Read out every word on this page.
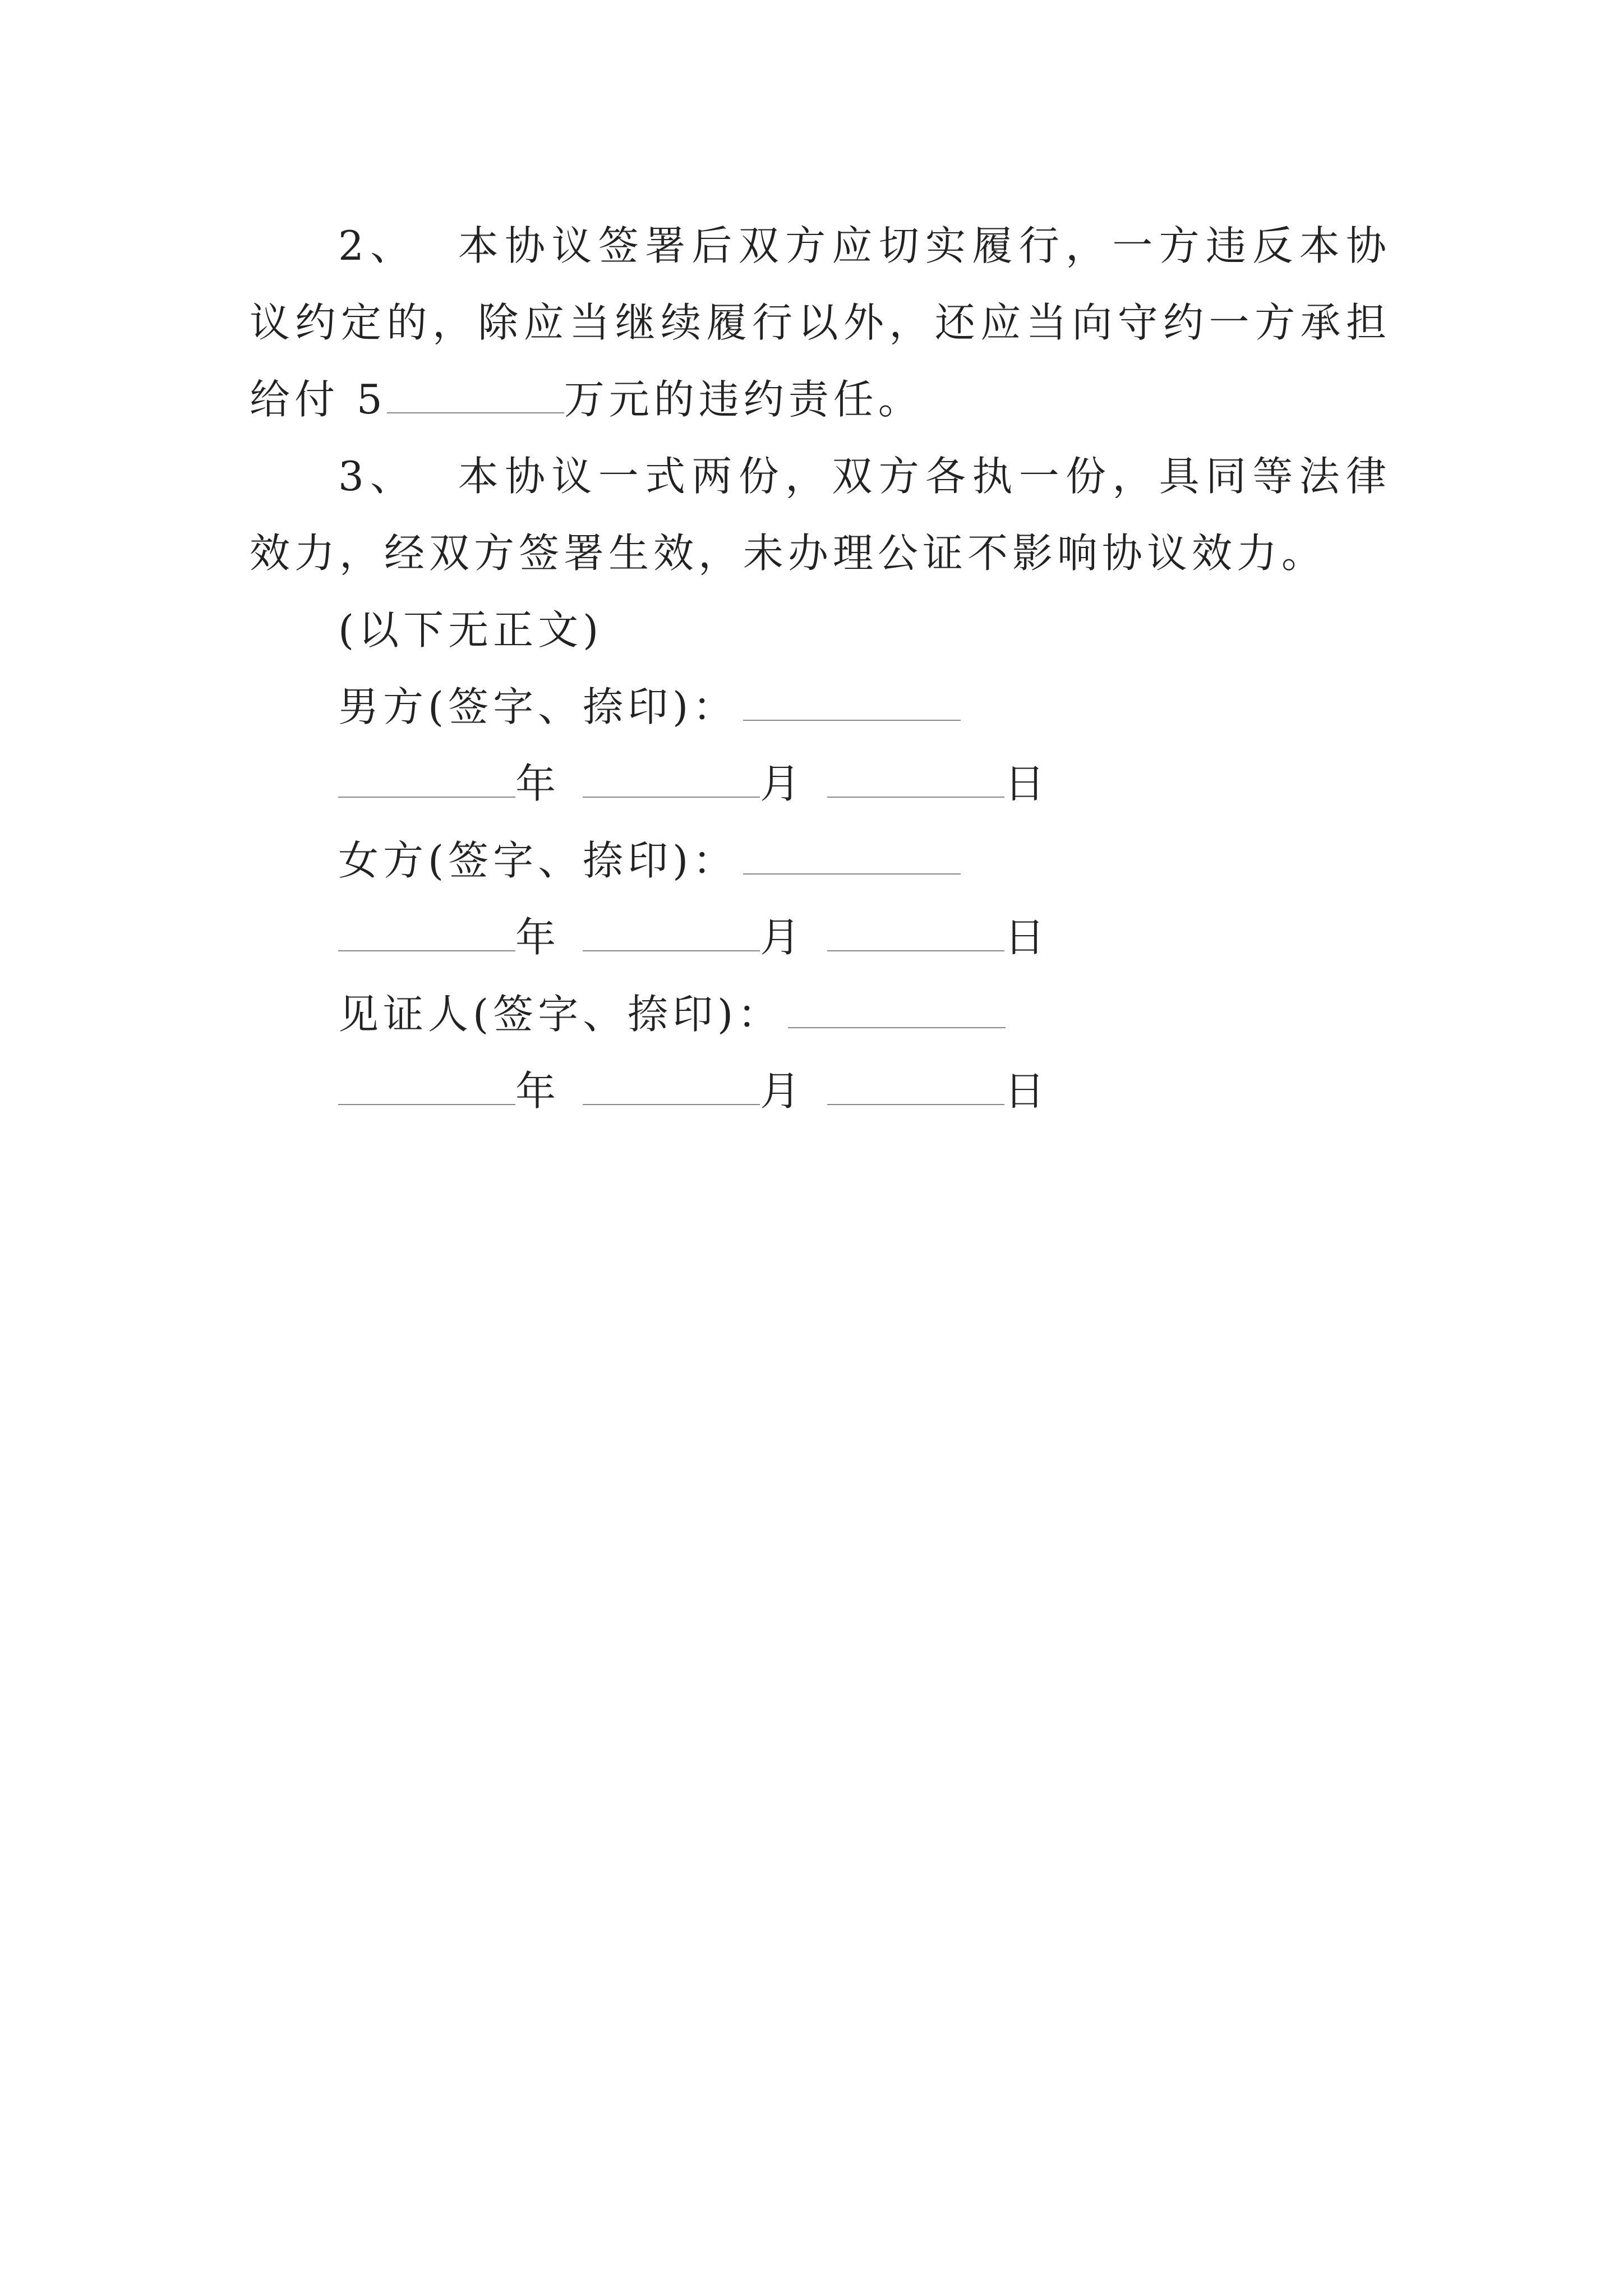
2、 本协议签署后双方应切实履行，一方违反本协议约定的，除应当继续履行以外，还应当向守约一方承担给付 5	万元的违约责任。

3、 本协议一式两份，双方各执一份，具同等法律效力，经双方签署生效，未办理公证不影响协议效力。

(以下无正文)

男方(签字、捺印)：

年	月	日

女方(签字、捺印)：

年	月	日

见证人(签字、捺印)：

年	月	日
